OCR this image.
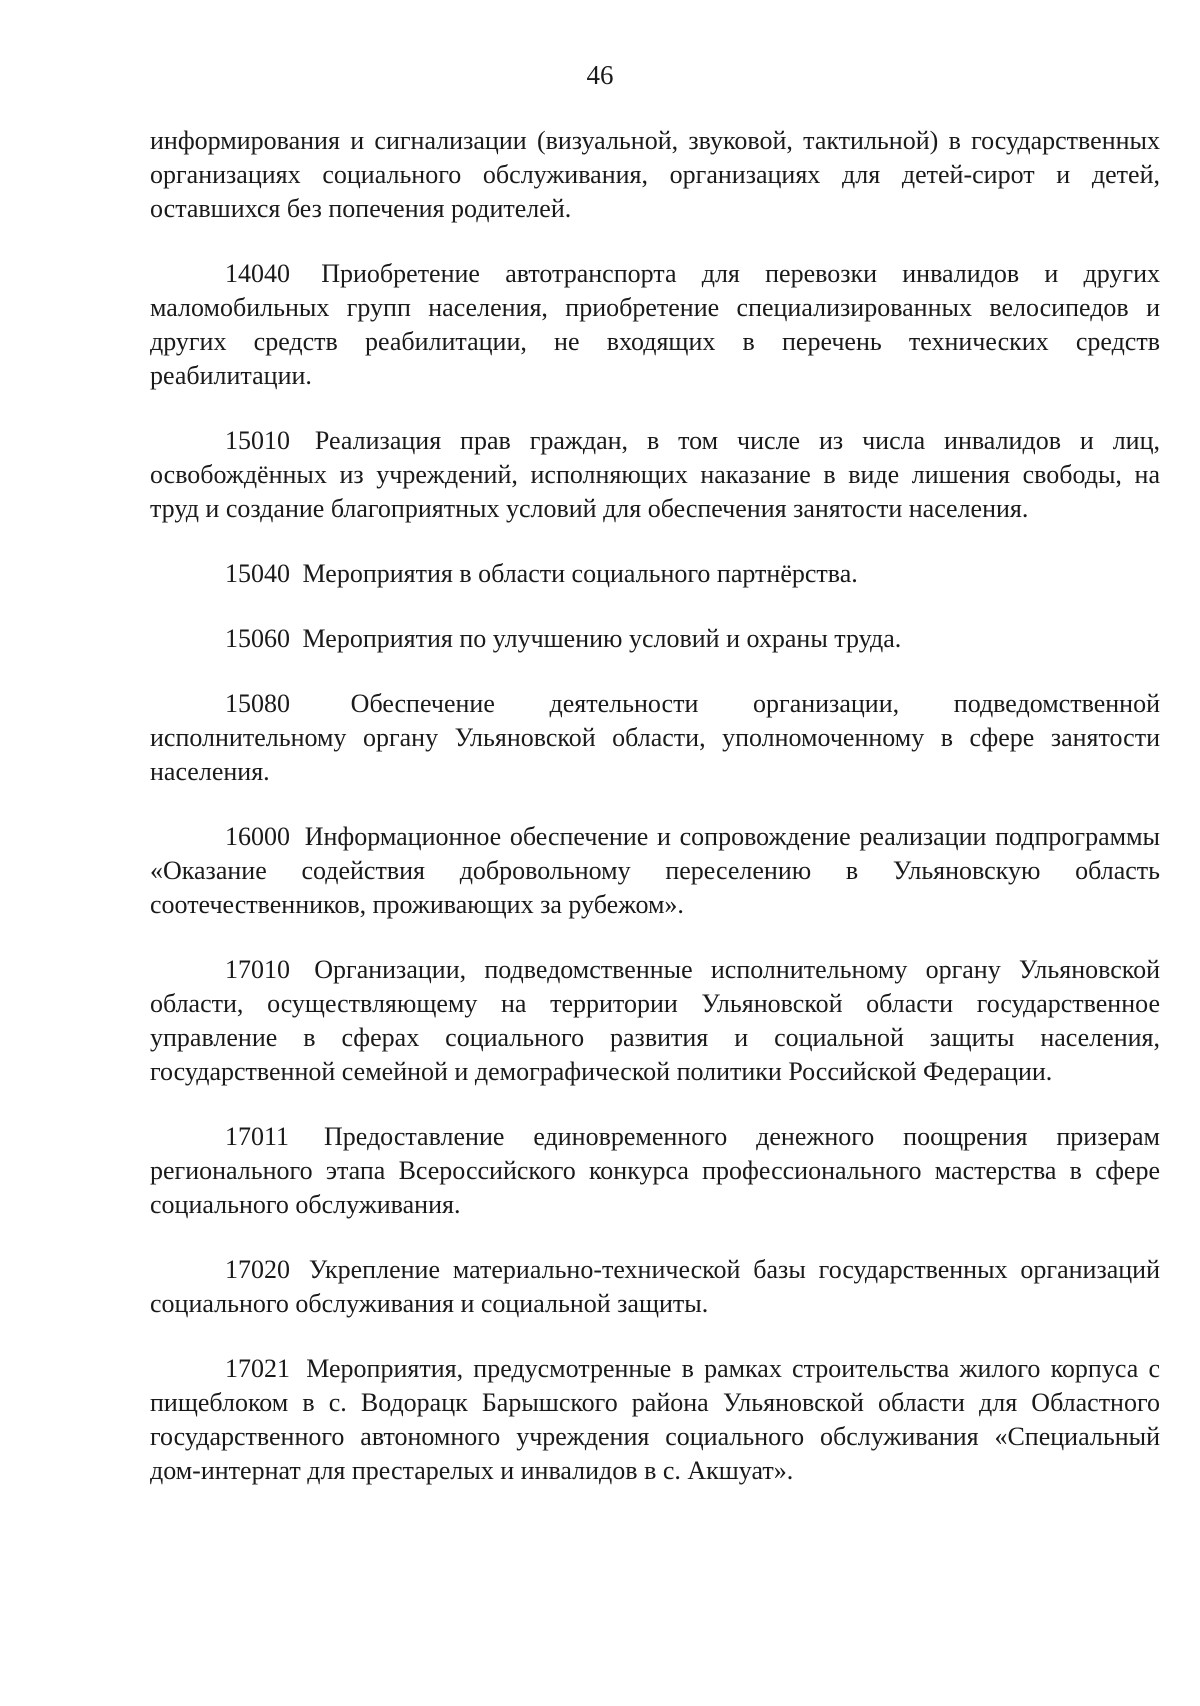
46

информирования и сигнализации (визуальной, звуковой, тактильной) в государственных организациях социального обслуживания, организациях для детей-сирот и детей, оставшихся без попечения родителей.

14040 Приобретение автотранспорта для перевозки инвалидов и других маломобильных групп населения, приобретение специализированных велосипедов и других средств реабилитации, не входящих в перечень технических средств реабилитации.

15010 Реализация прав граждан, в том числе из числа инвалидов и лиц, освобождённых из учреждений, исполняющих наказание в виде лишения свободы, на труд и создание благоприятных условий для обеспечения занятости населения.

15040 Мероприятия в области социального партнёрства.

15060 Мероприятия по улучшению условий и охраны труда.

15080 Обеспечение деятельности организации, подведомственной исполнительному органу Ульяновской области, уполномоченному в сфере занятости населения.

16000 Информационное обеспечение и сопровождение реализации подпрограммы «Оказание содействия добровольному переселению в Ульяновскую область соотечественников, проживающих за рубежом».

17010 Организации, подведомственные исполнительному органу Ульяновской области, осуществляющему на территории Ульяновской области государственное управление в сферах социального развития и социальной защиты населения, государственной семейной и демографической политики Российской Федерации.

17011 Предоставление единовременного денежного поощрения призерам регионального этапа Всероссийского конкурса профессионального мастерства в сфере социального обслуживания.

17020 Укрепление материально-технической базы государственных организаций социального обслуживания и социальной защиты.

17021 Мероприятия, предусмотренные в рамках строительства жилого корпуса с пищеблоком в с. Водорацк Барышского района Ульяновской области для Областного государственного автономного учреждения социального обслуживания «Специальный дом-интернат для престарелых и инвалидов в с. Акшуат».
